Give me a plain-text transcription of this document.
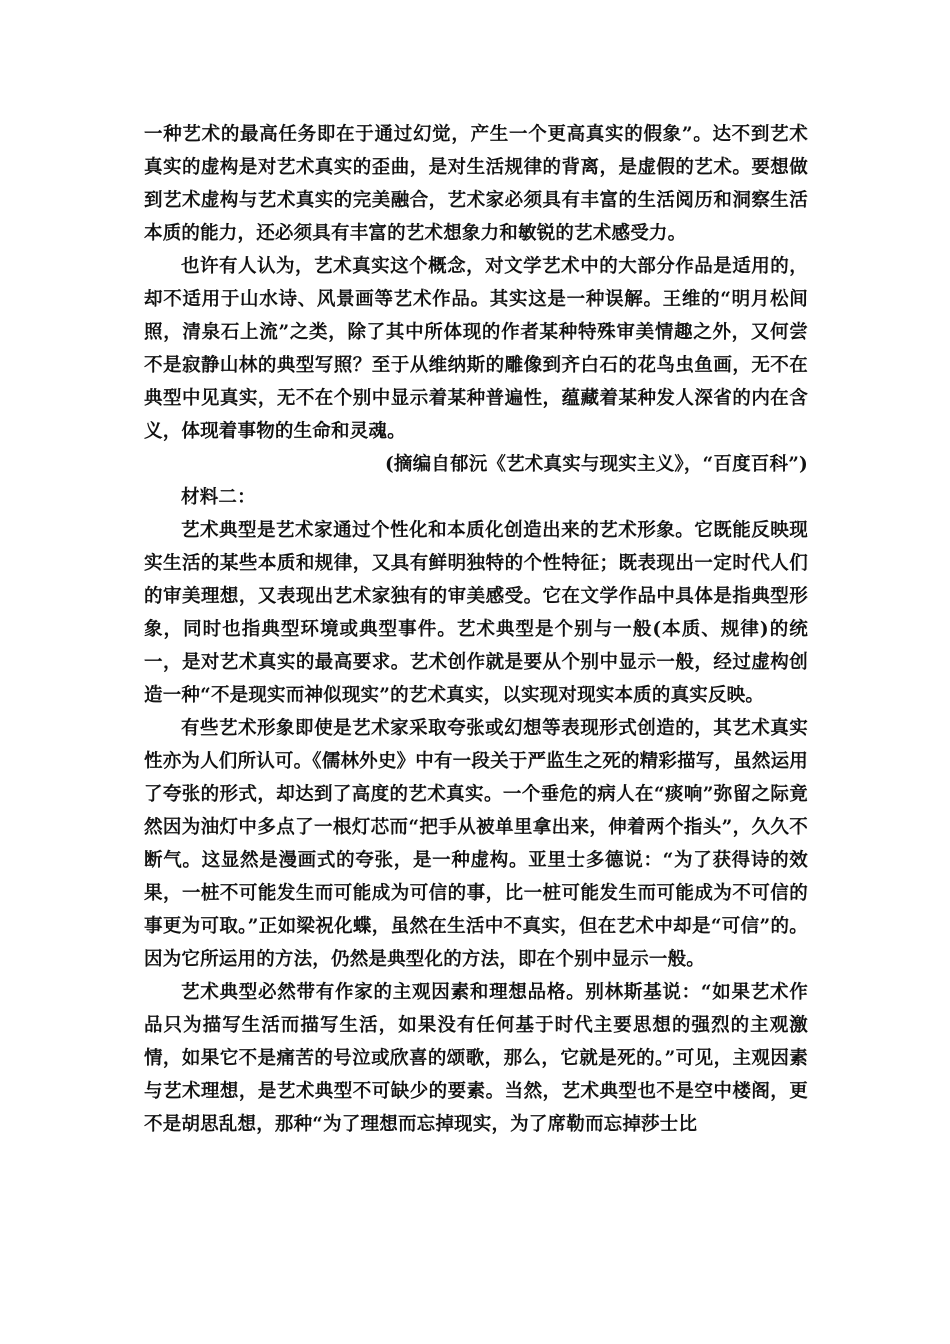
一种艺术的最高任务即在于通过幻觉，产生一个更高真实的假象”。达不到艺术真实的虚构是对艺术真实的歪曲，是对生活规律的背离，是虚假的艺术。要想做到艺术虚构与艺术真实的完美融合，艺术家必须具有丰富的生活阅历和洞察生活本质的能力，还必须具有丰富的艺术想象力和敏锐的艺术感受力。

也许有人认为，艺术真实这个概念，对文学艺术中的大部分作品是适用的，却不适用于山水诗、风景画等艺术作品。其实这是一种误解。王维的“明月松间照，清泉石上流”之类，除了其中所体现的作者某种特殊审美情趣之外，又何尝不是寂静山林的典型写照？至于从维纳斯的雕像到齐白石的花鸟虫鱼画，无不在典型中见真实，无不在个别中显示着某种普遍性，蕴藏着某种发人深省的内在含义，体现着事物的生命和灵魂。

(摘编自郁沅《艺术真实与现实主义》，“百度百科”)

材料二：

艺术典型是艺术家通过个性化和本质化创造出来的艺术形象。它既能反映现实生活的某些本质和规律，又具有鲜明独特的个性特征；既表现出一定时代人们的审美理想，又表现出艺术家独有的审美感受。它在文学作品中具体是指典型形象，同时也指典型环境或典型事件。艺术典型是个别与一般(本质、规律)的统一，是对艺术真实的最高要求。艺术创作就是要从个别中显示一般，经过虚构创造一种“不是现实而神似现实”的艺术真实，以实现对现实本质的真实反映。

有些艺术形象即使是艺术家采取夸张或幻想等表现形式创造的，其艺术真实性亦为人们所认可。《儒林外史》中有一段关于严监生之死的精彩描写，虽然运用了夸张的形式，却达到了高度的艺术真实。一个垂危的病人在“痰响”弥留之际竟然因为油灯中多点了一根灯芯而“把手从被单里拿出来，伸着两个指头”，久久不断气。这显然是漫画式的夸张，是一种虚构。亚里士多德说：“为了获得诗的效果，一桩不可能发生而可能成为可信的事，比一桩可能发生而可能成为不可信的事更为可取。”正如梁祝化蝶，虽然在生活中不真实，但在艺术中却是“可信”的。因为它所运用的方法，仍然是典型化的方法，即在个别中显示一般。

艺术典型必然带有作家的主观因素和理想品格。别林斯基说：“如果艺术作品只为描写生活而描写生活，如果没有任何基于时代主要思想的强烈的主观激情，如果它不是痛苦的号泣或欣喜的颂歌，那么，它就是死的。”可见，主观因素与艺术理想，是艺术典型不可缺少的要素。当然，艺术典型也不是空中楼阁，更不是胡思乱想，那种“为了理想而忘掉现实，为了席勒而忘掉莎士比
